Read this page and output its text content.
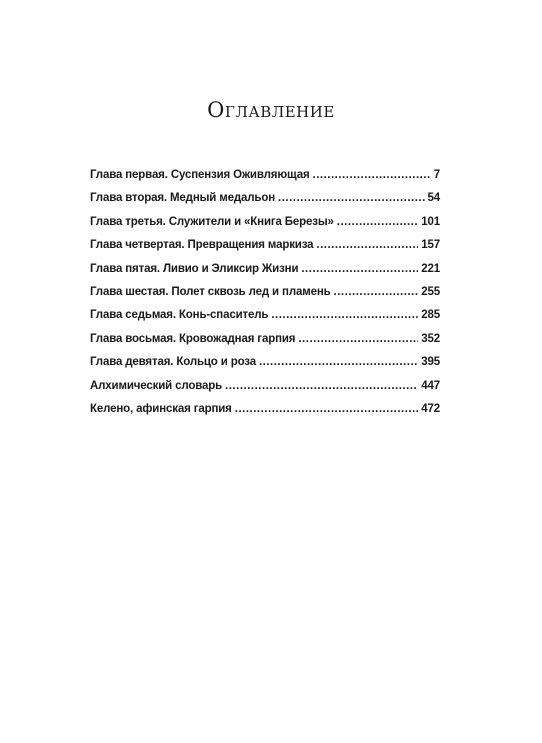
Оглавление
Глава первая. Суспензия Оживляющая .....	7
Глава вторая. Медный медальон .....	54
Глава третья. Служители и «Книга Березы» .....	101
Глава четвертая. Превращения маркиза .....	157
Глава пятая. Ливио и Эликсир Жизни .....	221
Глава шестая. Полет сквозь лед и пламень .....	255
Глава седьмая. Конь-спаситель .....	285
Глава восьмая. Кровожадная гарпия .....	352
Глава девятая. Кольцо и роза .....	395
Алхимический словарь .....	447
Келено, афинская гарпия .....	472
